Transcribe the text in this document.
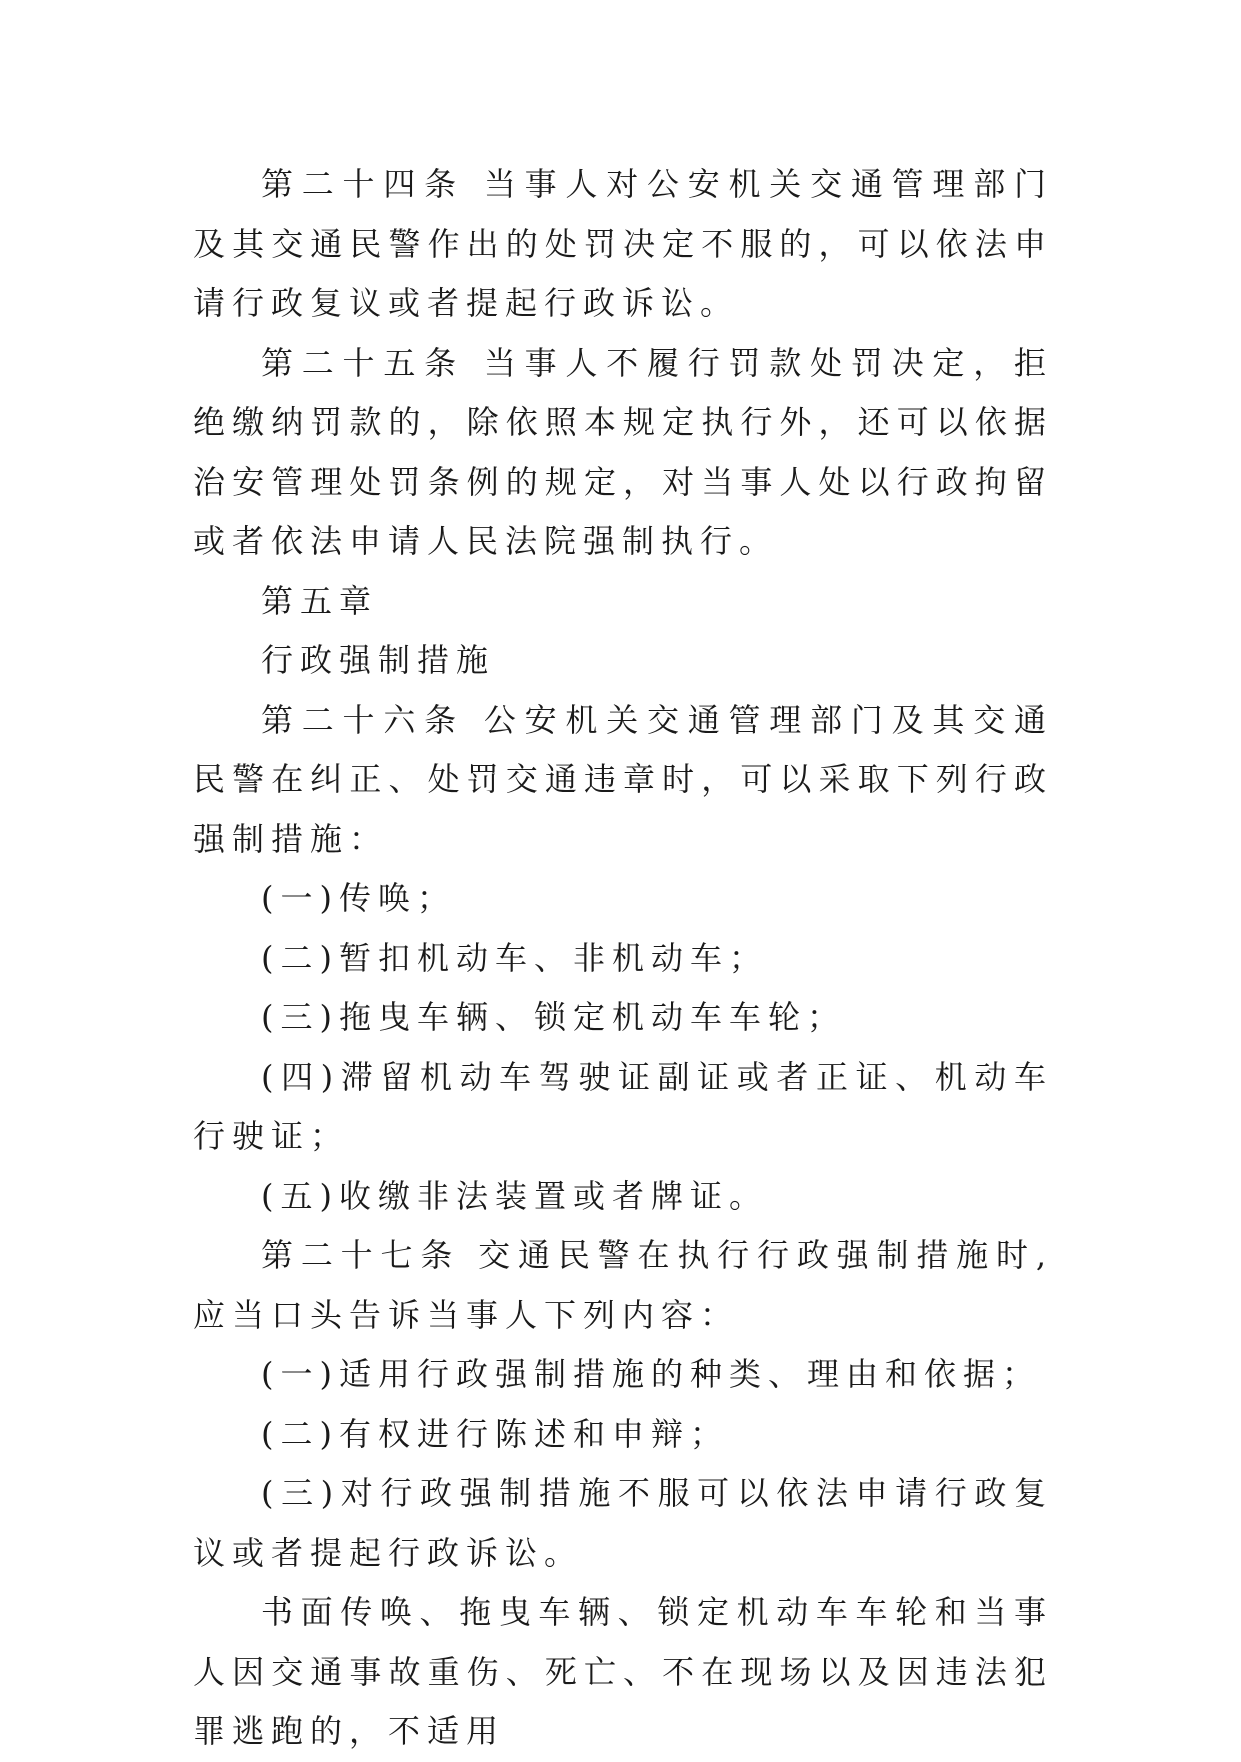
第二十四条 当事人对公安机关交通管理部门及其交通民警作出的处罚决定不服的，可以依法申请行政复议或者提起行政诉讼。

第二十五条 当事人不履行罚款处罚决定，拒绝缴纳罚款的，除依照本规定执行外，还可以依据治安管理处罚条例的规定，对当事人处以行政拘留或者依法申请人民法院强制执行。

第五章

行政强制措施

第二十六条 公安机关交通管理部门及其交通民警在纠正、处罚交通违章时，可以采取下列行政强制措施：

(一)传唤；

(二)暂扣机动车、非机动车；

(三)拖曳车辆、锁定机动车车轮；

(四)滞留机动车驾驶证副证或者正证、机动车行驶证；

(五)收缴非法装置或者牌证。

第二十七条 交通民警在执行行政强制措施时,应当口头告诉当事人下列内容：

(一)适用行政强制措施的种类、理由和依据；

(二)有权进行陈述和申辩；

(三)对行政强制措施不服可以依法申请行政复议或者提起行政诉讼。

书面传唤、拖曳车辆、锁定机动车车轮和当事人因交通事故重伤、死亡、不在现场以及因违法犯罪逃跑的，不适用
